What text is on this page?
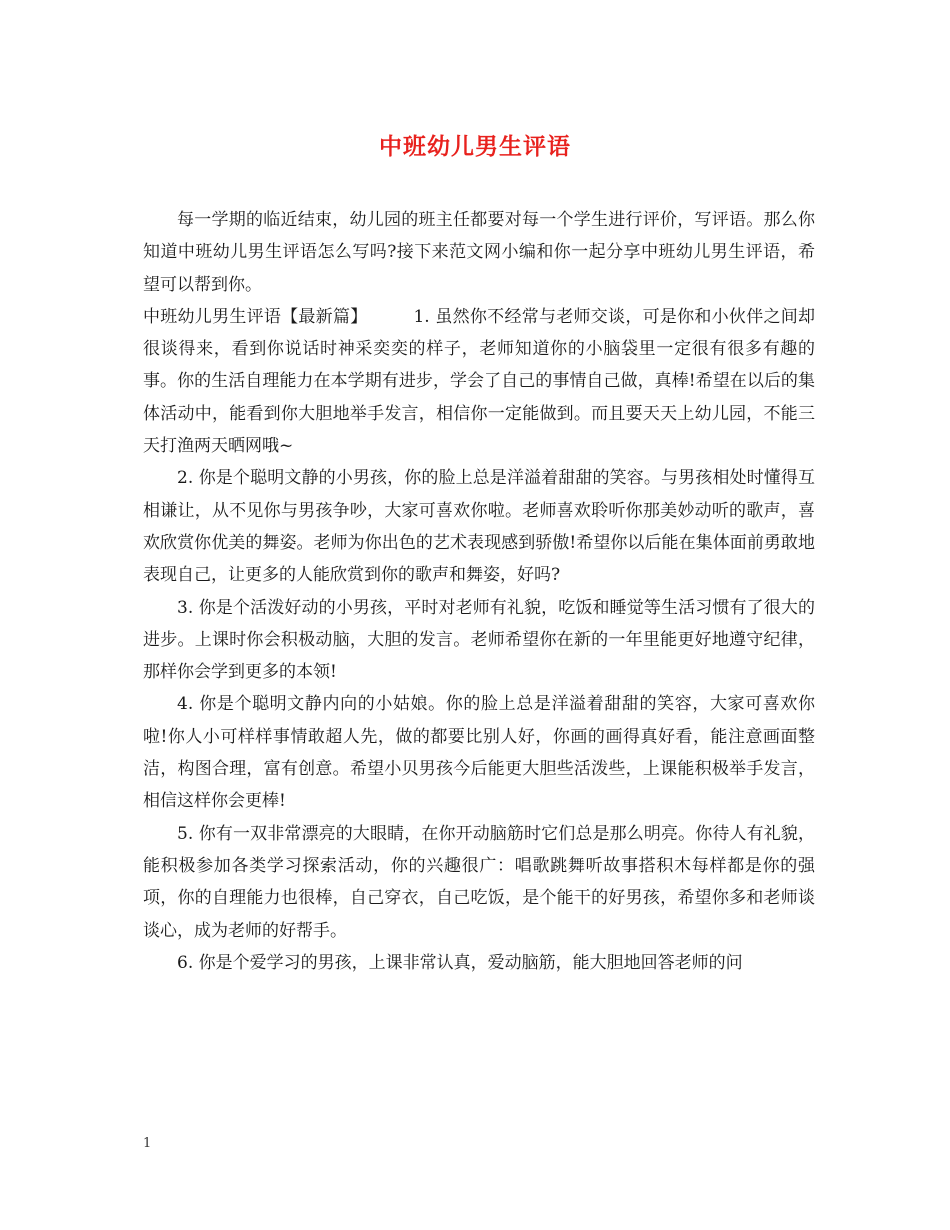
中班幼儿男生评语

每一学期的临近结束，幼儿园的班主任都要对每一个学生进行评价，写评语。那么你知道中班幼儿男生评语怎么写吗?接下来范文网小编和你一起分享中班幼儿男生评语，希望可以帮到你。

中班幼儿男生评语【最新篇】	1. 虽然你不经常与老师交谈，可是你和小伙伴之间却很谈得来，看到你说话时神采奕奕的样子，老师知道你的小脑袋里一定很有很多有趣的事。你的生活自理能力在本学期有进步，学会了自己的事情自己做，真棒!希望在以后的集体活动中，能看到你大胆地举手发言，相信你一定能做到。而且要天天上幼儿园，不能三天打渔两天晒网哦~

2. 你是个聪明文静的小男孩，你的脸上总是洋溢着甜甜的笑容。与男孩相处时懂得互相谦让，从不见你与男孩争吵，大家可喜欢你啦。老师喜欢聆听你那美妙动听的歌声，喜欢欣赏你优美的舞姿。老师为你出色的艺术表现感到骄傲!希望你以后能在集体面前勇敢地表现自己，让更多的人能欣赏到你的歌声和舞姿，好吗?

3. 你是个活泼好动的小男孩，平时对老师有礼貌，吃饭和睡觉等生活习惯有了很大的进步。上课时你会积极动脑，大胆的发言。老师希望你在新的一年里能更好地遵守纪律，那样你会学到更多的本领!

4. 你是个聪明文静内向的小姑娘。你的脸上总是洋溢着甜甜的笑容，大家可喜欢你啦!你人小可样样事情敢超人先，做的都要比别人好，你画的画得真好看，能注意画面整洁，构图合理，富有创意。希望小贝男孩今后能更大胆些活泼些，上课能积极举手发言，相信这样你会更棒!

5. 你有一双非常漂亮的大眼睛，在你开动脑筋时它们总是那么明亮。你待人有礼貌，能积极参加各类学习探索活动，你的兴趣很广：唱歌跳舞听故事搭积木每样都是你的强项，你的自理能力也很棒，自己穿衣，自己吃饭，是个能干的好男孩，希望你多和老师谈谈心，成为老师的好帮手。

6. 你是个爱学习的男孩，上课非常认真，爱动脑筋，能大胆地回答老师的问

1
